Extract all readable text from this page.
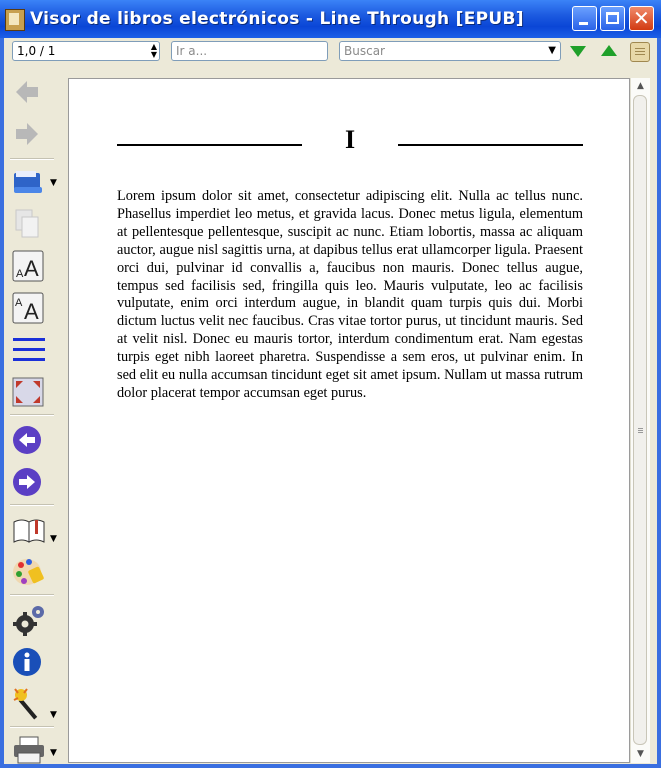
Visor de libros electrónicos - Line Through [EPUB]	✕
1,0 / 1	▲
▼	Ir a...	Buscar	▼
▼
A A
A A
▼
▼
▼
I
Lorem ipsum dolor sit amet, consectetur adipiscing elit. Nulla ac tellus nunc. Phasellus imperdiet leo metus, et gravida lacus. Donec metus ligula, elementum at pellentesque pellentesque, suscipit ac nunc. Etiam lobortis, massa ac aliquam auctor, augue nisl sagittis urna, at dapibus tellus erat ullamcorper ligula. Praesent orci dui, pulvinar id convallis a, faucibus non mauris. Donec tellus augue, tempus sed facilisis sed, fringilla quis leo. Mauris vulputate, leo ac facilisis vulputate, enim orci interdum augue, in blandit quam turpis quis dui. Morbi dictum luctus velit nec faucibus. Cras vitae tortor purus, ut tincidunt mauris. Sed at velit nisl. Donec eu mauris tortor, interdum condimentum erat. Nam egestas turpis eget nibh laoreet pharetra. Suspendisse a sem eros, ut pulvinar enim. In sed elit eu nulla accumsan tincidunt eget sit amet ipsum. Nullam ut massa rutrum dolor placerat tempor accumsan eget purus.
▲
▼
